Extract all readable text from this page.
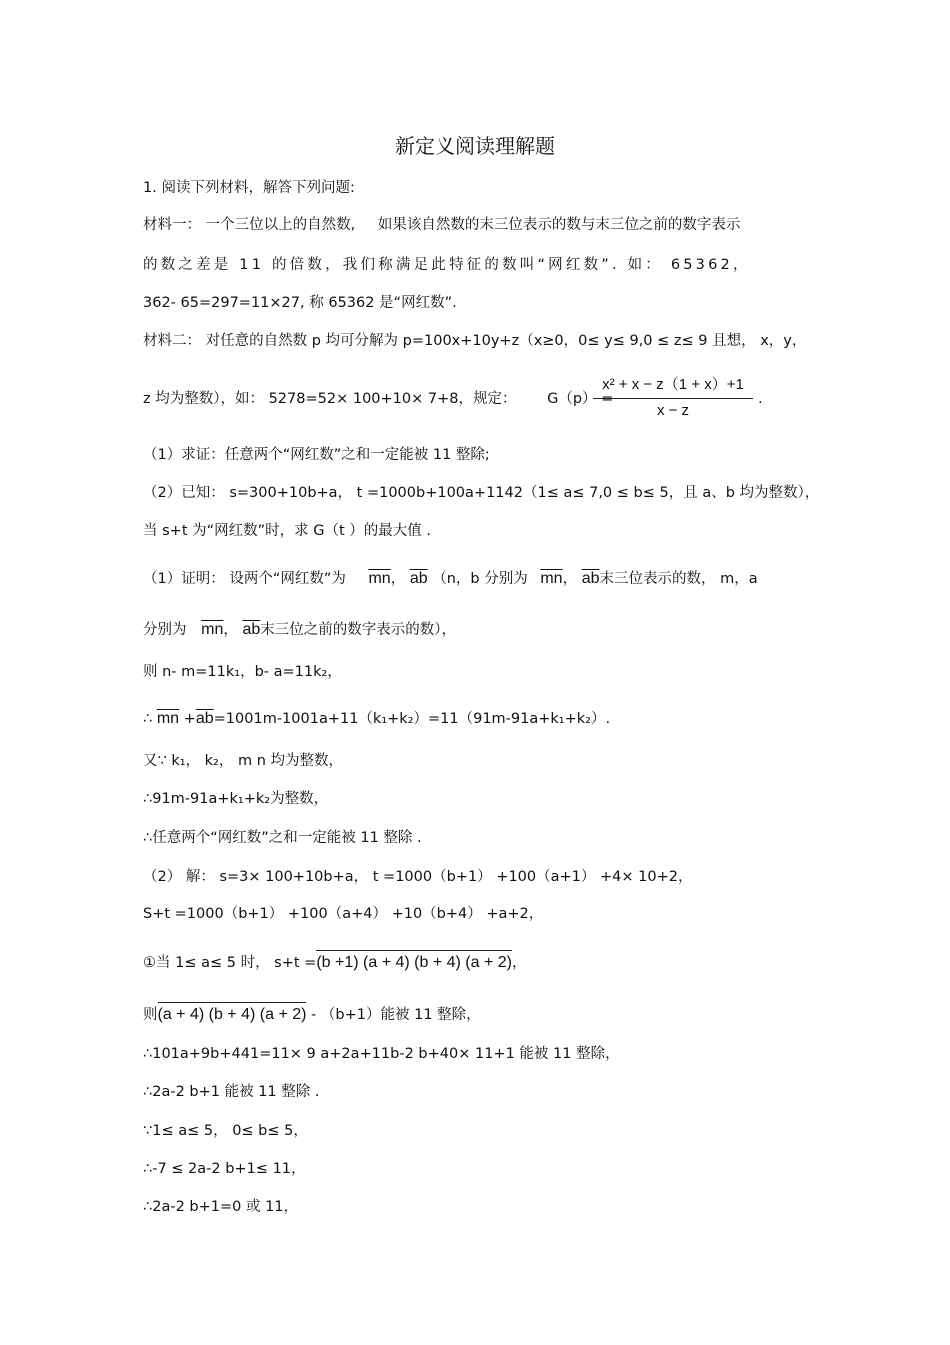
新定义阅读理解题
1. 阅读下列材料，解答下列问题:
材料一： 一个三位以上的自然数, 如果该自然数的末三位表示的数与末三位之前的数字表示
的数之差是 11 的倍数，我们称满足此特征的数叫“网红数”. 如： 65362，
362- 65=297=11×27, 称 65362 是“网红数”.
材料二： 对任意的自然数 p 均可分解为 p=100x+10y+z（x≥0，0≤ y≤ 9,0 ≤ z≤ 9 且想， x，y，
z 均为整数），如： 5278=52× 100+10× 7+8，规定： G（p） =
$\frac{\text{x² + x − z（1 + x）+1}}{x - z}$ .
（1）求证：任意两个“网红数”之和一定能被 11 整除;
（2）已知： s=300+10b+a， t =1000b+100a+1142（1≤ a≤ 7,0 ≤ b≤ 5，且 a、b 均为整数），
当 s+t 为“网红数”时，求 G（t ）的最大值 .
（1）证明： 设两个“网红数”为 $\overline{mn}$， $\overline{ab}$ （n，b 分别为 $\overline{mn}$， $\overline{ab}$末三位表示的数， m，a
分别为 $\overline{mn}$， $\overline{ab}$末三位之前的数字表示的数），
则 n- m=11k₁，b- a=11k₂，
∴ $\overline{mn} +\overline{ab}=1001m-1001a+11(k_1+k_2)=11(91m-91a+k_1+k_2)$.
又∵ k₁， k₂， m n 均为整数，
∴91m-91a+k₁+k₂为整数，
∴任意两个“网红数”之和一定能被 11 整除 .
（2） 解： s=3× 100+10b+a， t =1000（b+1） +100（a+1） +4× 10+2，
S+t =1000（b+1） +100（a+4） +10（b+4） +a+2，
①当 1≤ a≤ 5 时， s+t =(b +1) (a + 4) (b + 4) (a + 2)，
则(a + 4) (b + 4) (a + 2) - （b+1）能被 11 整除，
∴101a+9b+441=11× 9 a+2a+11b-2 b+40× 11+1 能被 11 整除，
∴2a-2 b+1 能被 11 整除 .
∵1≤ a≤ 5， 0≤ b≤ 5，
∴-7 ≤ 2a-2 b+1≤ 11，
∴2a-2 b+1=0 或 11，
